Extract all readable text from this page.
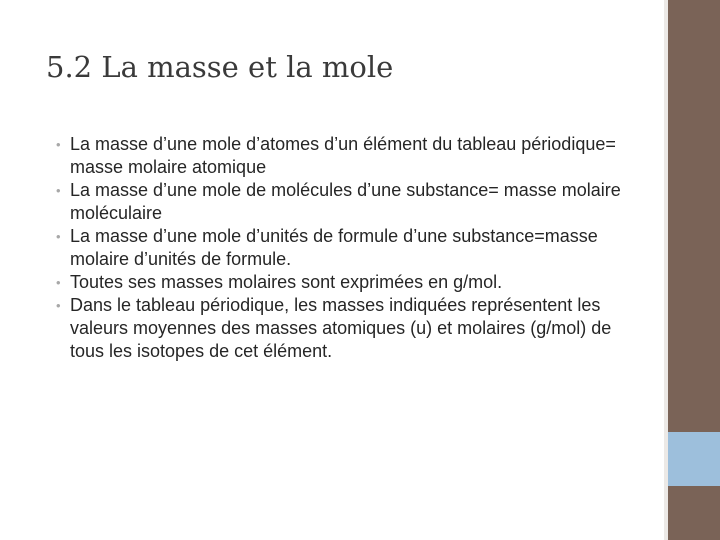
5.2 La masse et la mole
• La masse d’une mole d’atomes d’un élément du tableau périodique= masse molaire atomique
• La masse d’une mole de molécules d’une substance= masse molaire moléculaire
• La masse d’une mole d’unités de formule d’une substance=masse molaire d’unités de formule.
• Toutes ses masses molaires sont exprimées en g/mol.
• Dans le tableau périodique, les masses indiquées représentent les valeurs moyennes des masses atomiques (u) et molaires (g/mol) de tous les isotopes de cet élément.
